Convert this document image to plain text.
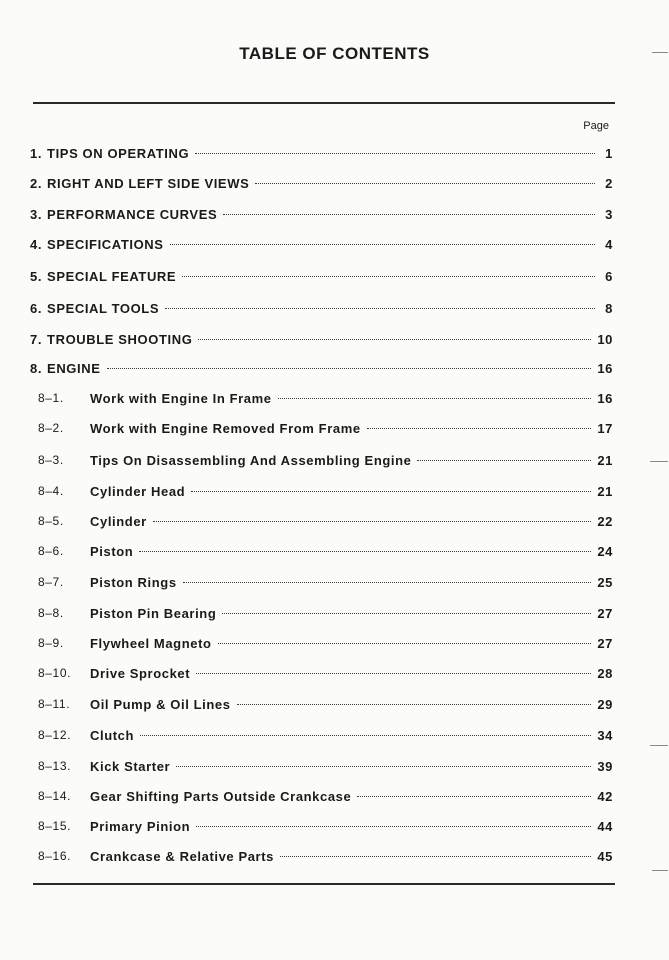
TABLE OF CONTENTS
Page
1. TIPS ON OPERATING	1
2. RIGHT AND LEFT SIDE VIEWS	2
3. PERFORMANCE CURVES	3
4. SPECIFICATIONS	4
5. SPECIAL FEATURE	6
6. SPECIAL TOOLS	8
7. TROUBLE SHOOTING	10
8. ENGINE	16
8–1.	Work with Engine In Frame	16
8–2.	Work with Engine Removed From Frame	17
8–3.	Tips On Disassembling And Assembling Engine	21
8–4.	Cylinder Head	21
8–5.	Cylinder	22
8–6.	Piston	24
8–7.	Piston Rings	25
8–8.	Piston Pin Bearing	27
8–9.	Flywheel Magneto	27
8–10.	Drive Sprocket	28
8–11.	Oil Pump & Oil Lines	29
8–12.	Clutch	34
8–13.	Kick Starter	39
8–14.	Gear Shifting Parts Outside Crankcase	42
8–15.	Primary Pinion	44
8–16.	Crankcase & Relative Parts	45
